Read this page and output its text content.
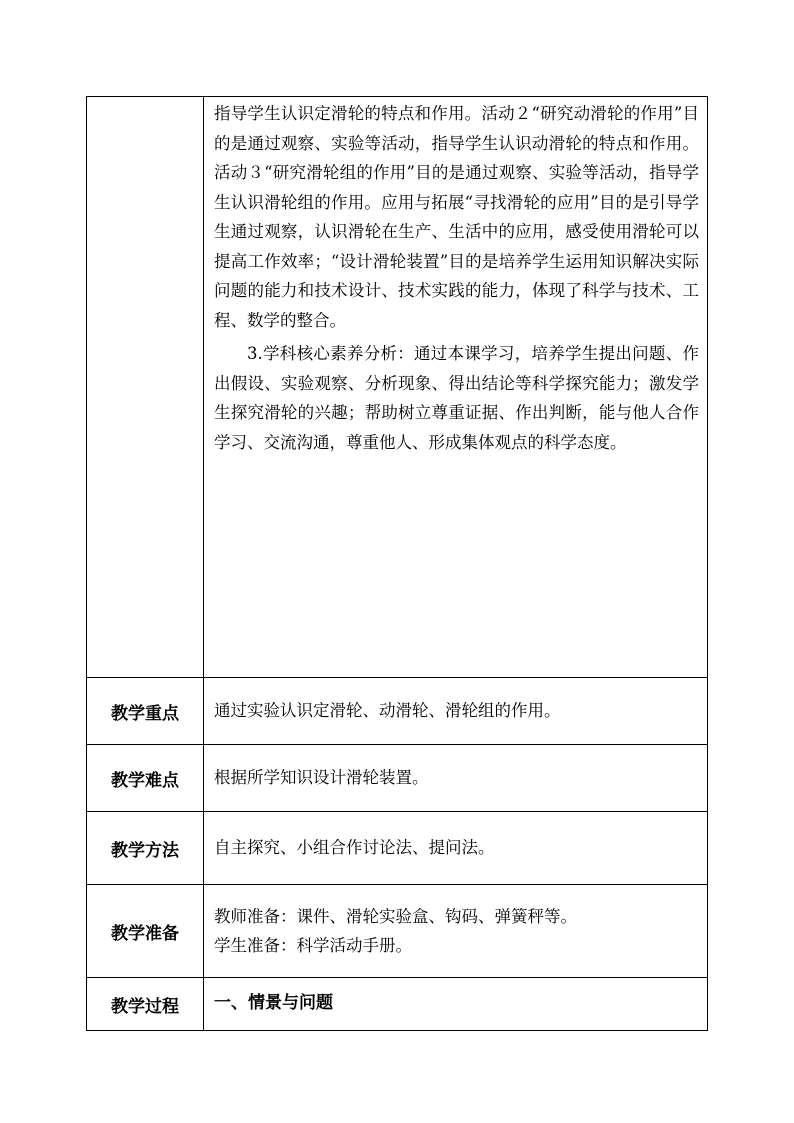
	指导学生认识定滑轮的特点和作用。活动２“研究动滑轮的作用”目的是通过观察、实验等活动，指导学生认识动滑轮的特点和作用。活动３“研究滑轮组的作用”目的是通过观察、实验等活动，指导学生认识滑轮组的作用。应用与拓展“寻找滑轮的应用”目的是引导学生通过观察，认识滑轮在生产、生活中的应用，感受使用滑轮可以提高工作效率；“设计滑轮装置”目的是培养学生运用知识解决实际问题的能力和技术设计、技术实践的能力，体现了科学与技术、工程、数学的整合。

3.学科核心素养分析：通过本课学习，培养学生提出问题、作出假设、实验观察、分析现象、得出结论等科学探究能力；激发学生探究滑轮的兴趣；帮助树立尊重证据、作出判断，能与他人合作学习、交流沟通，尊重他人、形成集体观点的科学态度。

教学重点	通过实验认识定滑轮、动滑轮、滑轮组的作用。

教学难点	根据所学知识设计滑轮装置。

教学方法	自主探究、小组合作讨论法、提问法。

教学准备	教师准备：课件、滑轮实验盒、钩码、弹簧秤等。

学生准备：科学活动手册。

教学过程	一、情景与问题
